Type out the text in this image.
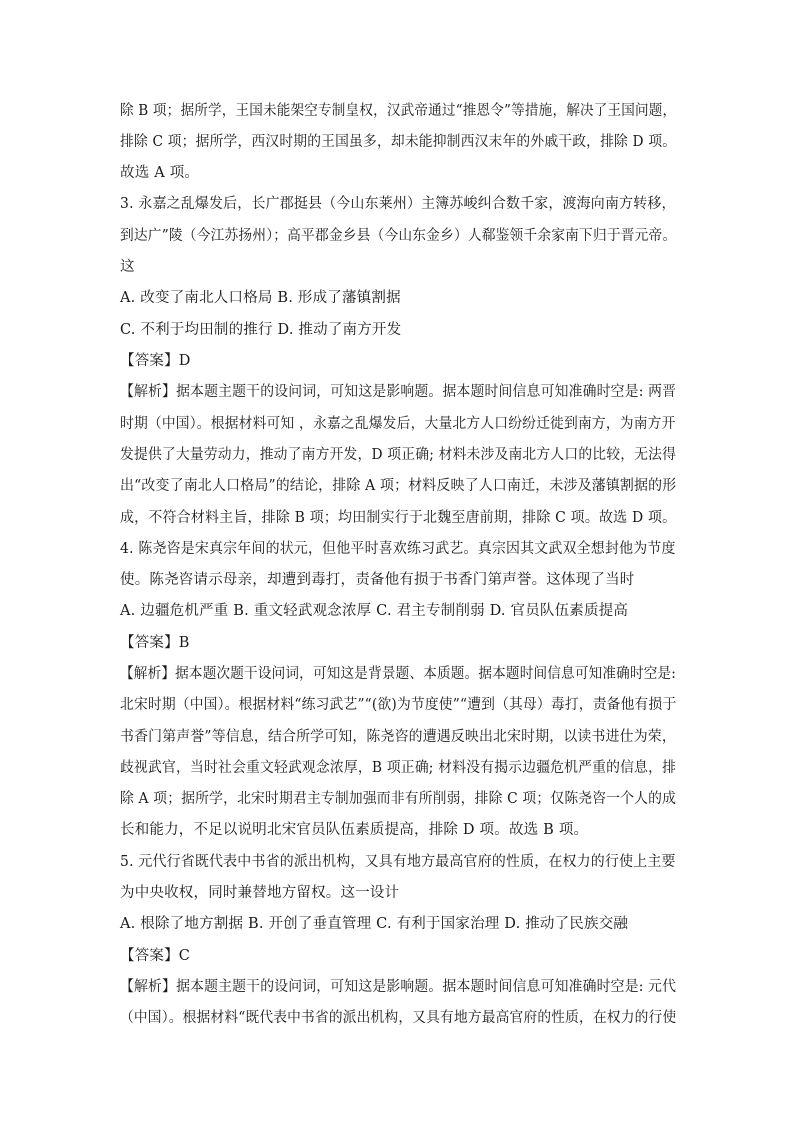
除 B 项；据所学，王国未能架空专制皇权，汉武帝通过“推恩令”等措施，解决了王国问题，
排除 C 项；据所学，西汉时期的王国虽多，却未能抑制西汉末年的外戚干政，排除 D 项。
故选 A 项。
3. 永嘉之乱爆发后，长广郡挺县（今山东莱州）主簿苏峻纠合数千家，渡海向南方转移，
到达广”陵（今江苏扬州）；高平郡金乡县（今山东金乡）人郗鉴领千余家南下归于晋元帝。
这
A. 改变了南北人口格局 B. 形成了藩镇割据
C. 不利于均田制的推行 D. 推动了南方开发
【答案】D
【解析】据本题主题干的设问词，可知这是影响题。据本题时间信息可知准确时空是: 两晋
时期（中国）。根据材料可知 ，永嘉之乱爆发后，大量北方人口纷纷迁徙到南方，为南方开
发提供了大量劳动力，推动了南方开发，D 项正确; 材料未涉及南北方人口的比较，无法得
出“改变了南北人口格局”的结论，排除 A 项；材料反映了人口南迁，未涉及藩镇割据的形
成，不符合材料主旨，排除 B 项；均田制实行于北魏至唐前期，排除 C 项。故选 D 项。
4. 陈尧咨是宋真宗年间的状元，但他平时喜欢练习武艺。真宗因其文武双全想封他为节度
使。陈尧咨请示母亲，却遭到毒打，责备他有损于书香门第声誉。这体现了当时
A. 边疆危机严重 B. 重文轻武观念浓厚 C. 君主专制削弱 D. 官员队伍素质提高
【答案】B
【解析】据本题次题干设问词，可知这是背景题、本质题。据本题时间信息可知准确时空是:
北宋时期（中国）。根据材料“练习武艺”“(欲)为节度使”“遭到（其母）毒打，责备他有损于
书香门第声誉”等信息，结合所学可知，陈尧咨的遭遇反映出北宋时期，以读书进仕为荣，
歧视武官，当时社会重文轻武观念浓厚，B 项正确; 材料没有揭示边疆危机严重的信息，排
除 A 项；据所学，北宋时期君主专制加强而非有所削弱，排除 C 项；仅陈尧咨一个人的成
长和能力，不足以说明北宋官员队伍素质提高，排除 D 项。故选 B 项。
5. 元代行省既代表中书省的派出机构，又具有地方最高官府的性质，在权力的行使上主要
为中央收权，同时兼替地方留权。这一设计
A. 根除了地方割据 B. 开创了垂直管理 C. 有利于国家治理 D. 推动了民族交融
【答案】C
【解析】据本题主题干的设问词，可知这是影响题。据本题时间信息可知准确时空是: 元代
（中国）。根据材料“既代表中书省的派出机构，又具有地方最高官府的性质，在权力的行使
